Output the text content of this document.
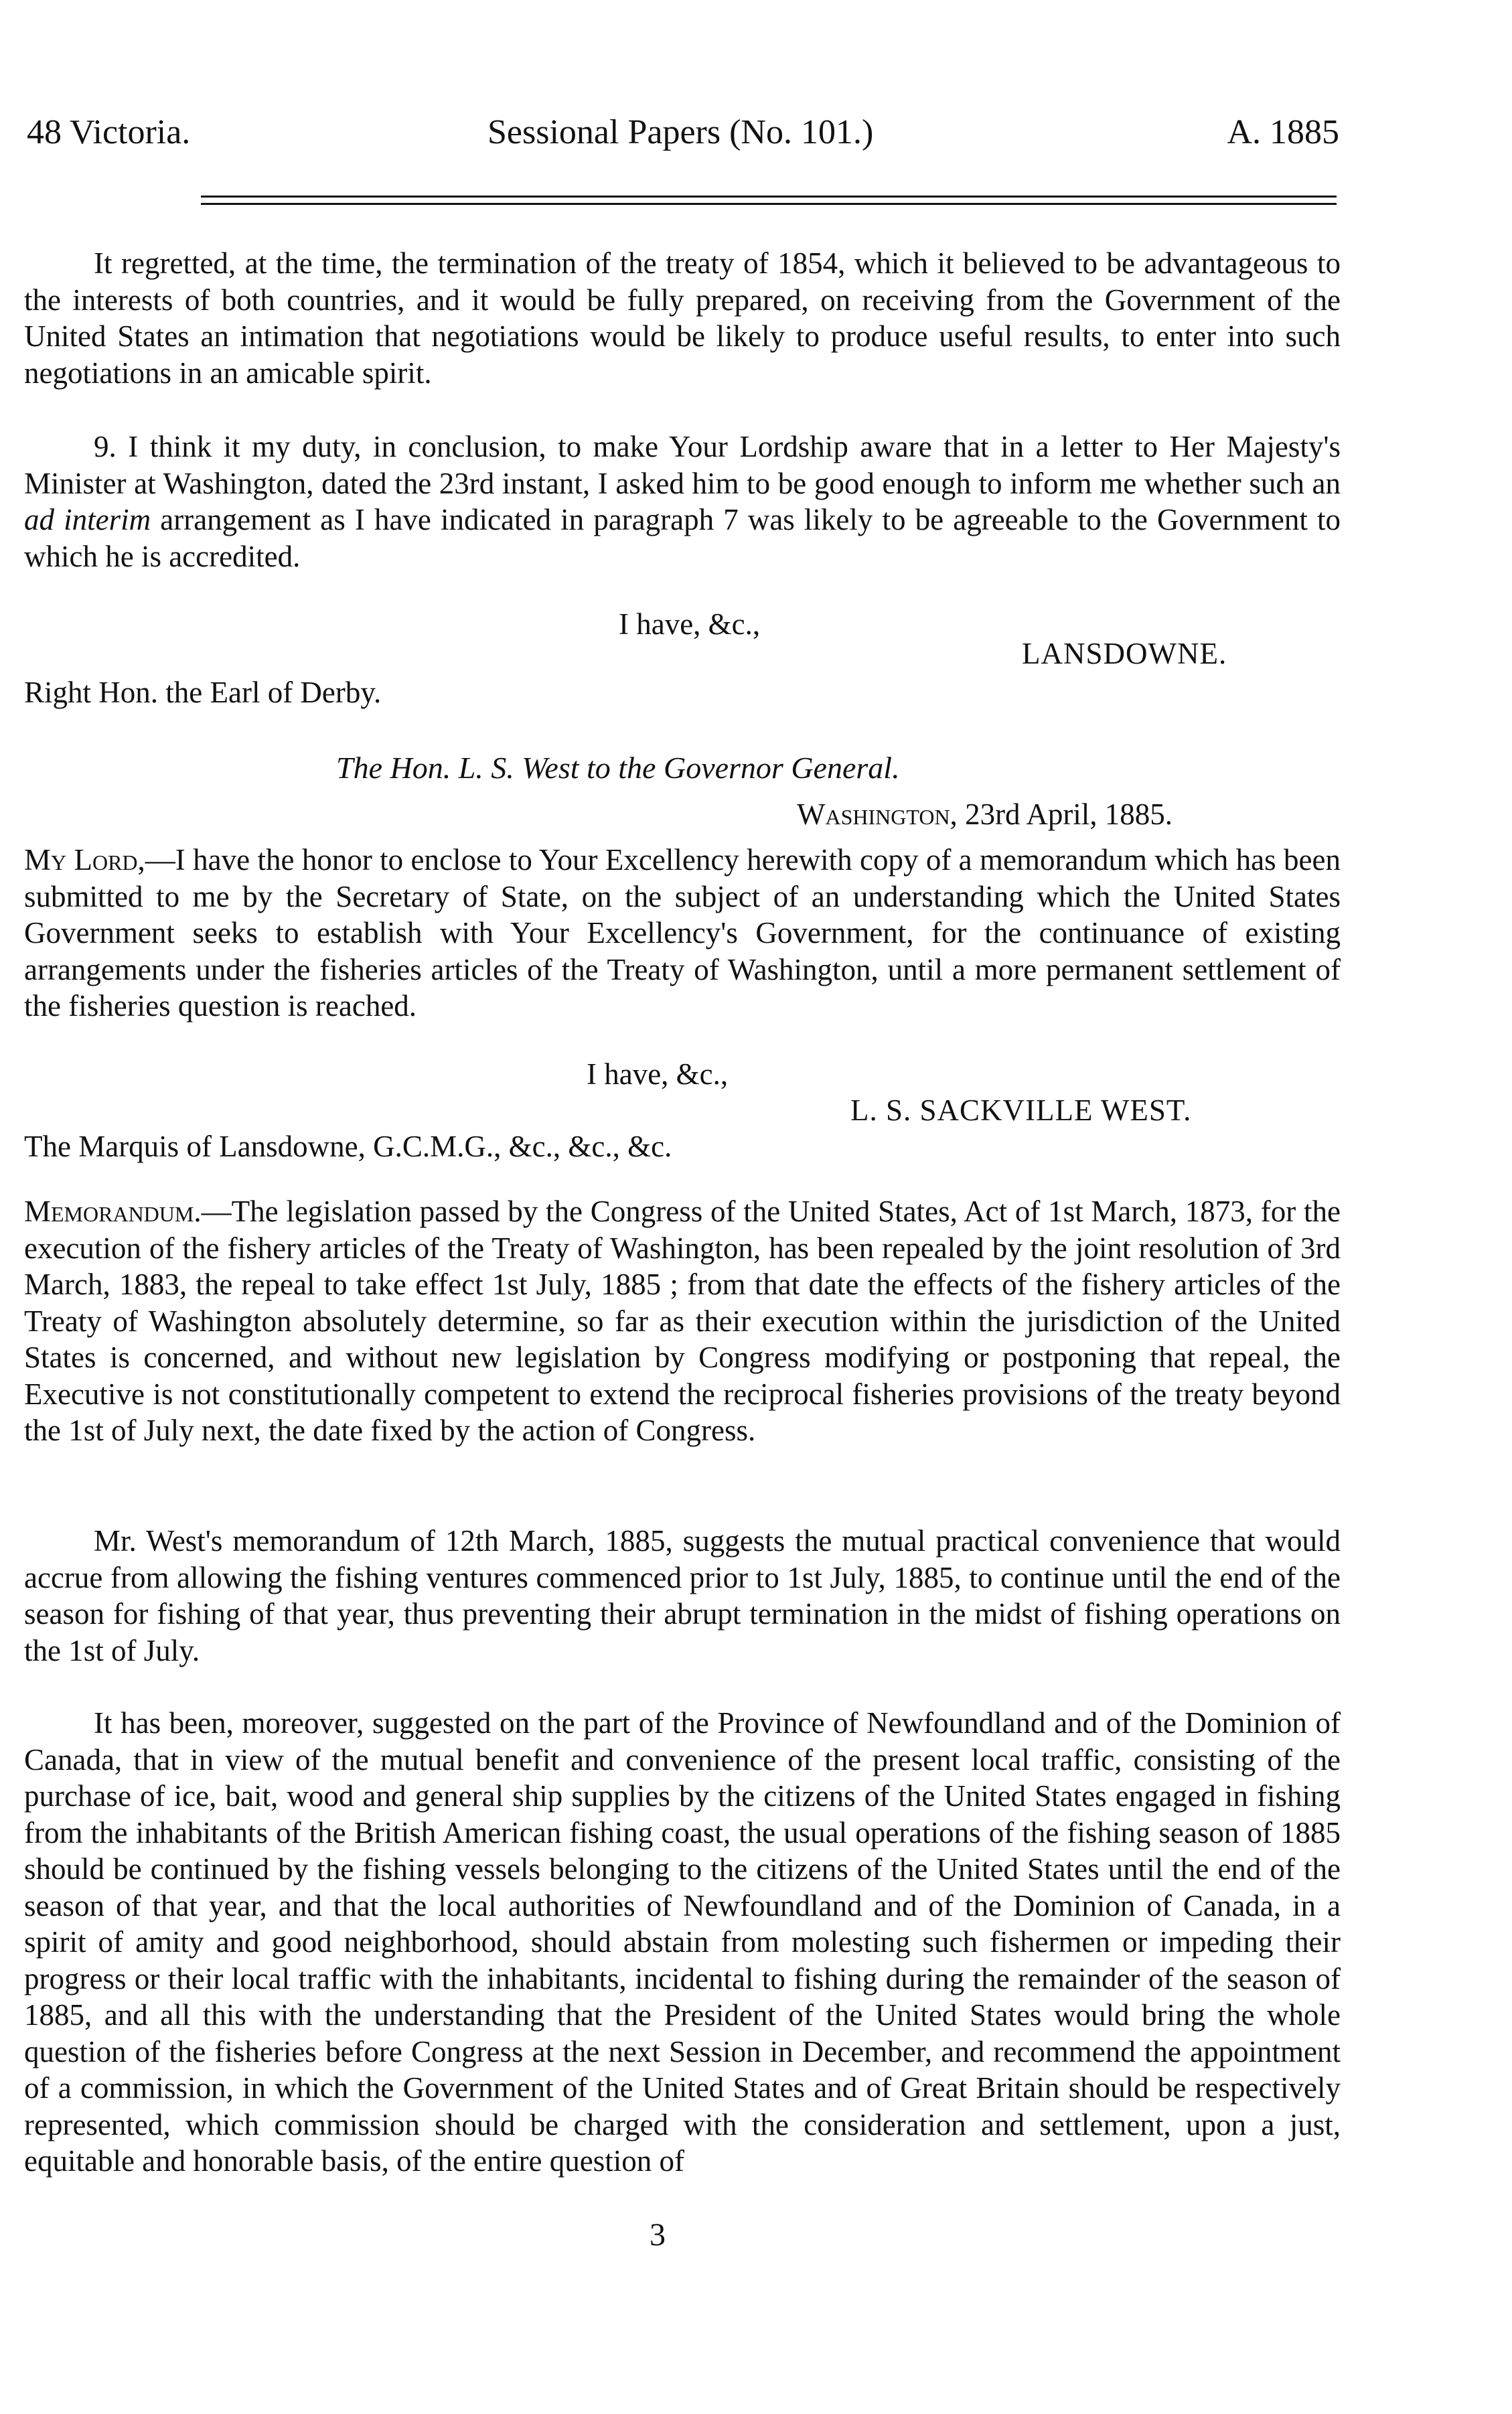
48 Victoria.	Sessional Papers (No. 101.)	A. 1885
It regretted, at the time, the termination of the treaty of 1854, which it believed to be advantageous to the interests of both countries, and it would be fully prepared, on receiving from the Government of the United States an intimation that negotiations would be likely to produce useful results, to enter into such negotiations in an amicable spirit.
9. I think it my duty, in conclusion, to make Your Lordship aware that in a letter to Her Majesty's Minister at Washington, dated the 23rd instant, I asked him to be good enough to inform me whether such an ad interim arrangement as I have indicated in paragraph 7 was likely to be agreeable to the Government to which he is accredited.
I have, &c.,
LANSDOWNE.
Right Hon. the Earl of Derby.
The Hon. L. S. West to the Governor General.
Washington, 23rd April, 1885.
My Lord,—I have the honor to enclose to Your Excellency herewith copy of a memorandum which has been submitted to me by the Secretary of State, on the subject of an understanding which the United States Government seeks to establish with Your Excellency's Government, for the continuance of existing arrangements under the fisheries articles of the Treaty of Washington, until a more permanent settlement of the fisheries question is reached.
I have, &c.,
L. S. SACKVILLE WEST.
The Marquis of Lansdowne, G.C.M.G., &c., &c., &c.
Memorandum.—The legislation passed by the Congress of the United States, Act of 1st March, 1873, for the execution of the fishery articles of the Treaty of Washington, has been repealed by the joint resolution of 3rd March, 1883, the repeal to take effect 1st July, 1885 ; from that date the effects of the fishery articles of the Treaty of Washington absolutely determine, so far as their execution within the jurisdiction of the United States is concerned, and without new legislation by Congress modifying or postponing that repeal, the Executive is not constitutionally competent to extend the reciprocal fisheries provisions of the treaty beyond the 1st of July next, the date fixed by the action of Congress.
Mr. West's memorandum of 12th March, 1885, suggests the mutual practical convenience that would accrue from allowing the fishing ventures commenced prior to 1st July, 1885, to continue until the end of the season for fishing of that year, thus preventing their abrupt termination in the midst of fishing operations on the 1st of July.
It has been, moreover, suggested on the part of the Province of Newfoundland and of the Dominion of Canada, that in view of the mutual benefit and convenience of the present local traffic, consisting of the purchase of ice, bait, wood and general ship supplies by the citizens of the United States engaged in fishing from the inhabitants of the British American fishing coast, the usual operations of the fishing season of 1885 should be continued by the fishing vessels belonging to the citizens of the United States until the end of the season of that year, and that the local authorities of Newfoundland and of the Dominion of Canada, in a spirit of amity and good neighborhood, should abstain from molesting such fishermen or impeding their progress or their local traffic with the inhabitants, incidental to fishing during the remainder of the season of 1885, and all this with the understanding that the President of the United States would bring the whole question of the fisheries before Congress at the next Session in December, and recommend the appointment of a commission, in which the Government of the United States and of Great Britain should be respectively represented, which commission should be charged with the consideration and settlement, upon a just, equitable and honorable basis, of the entire question of
3
